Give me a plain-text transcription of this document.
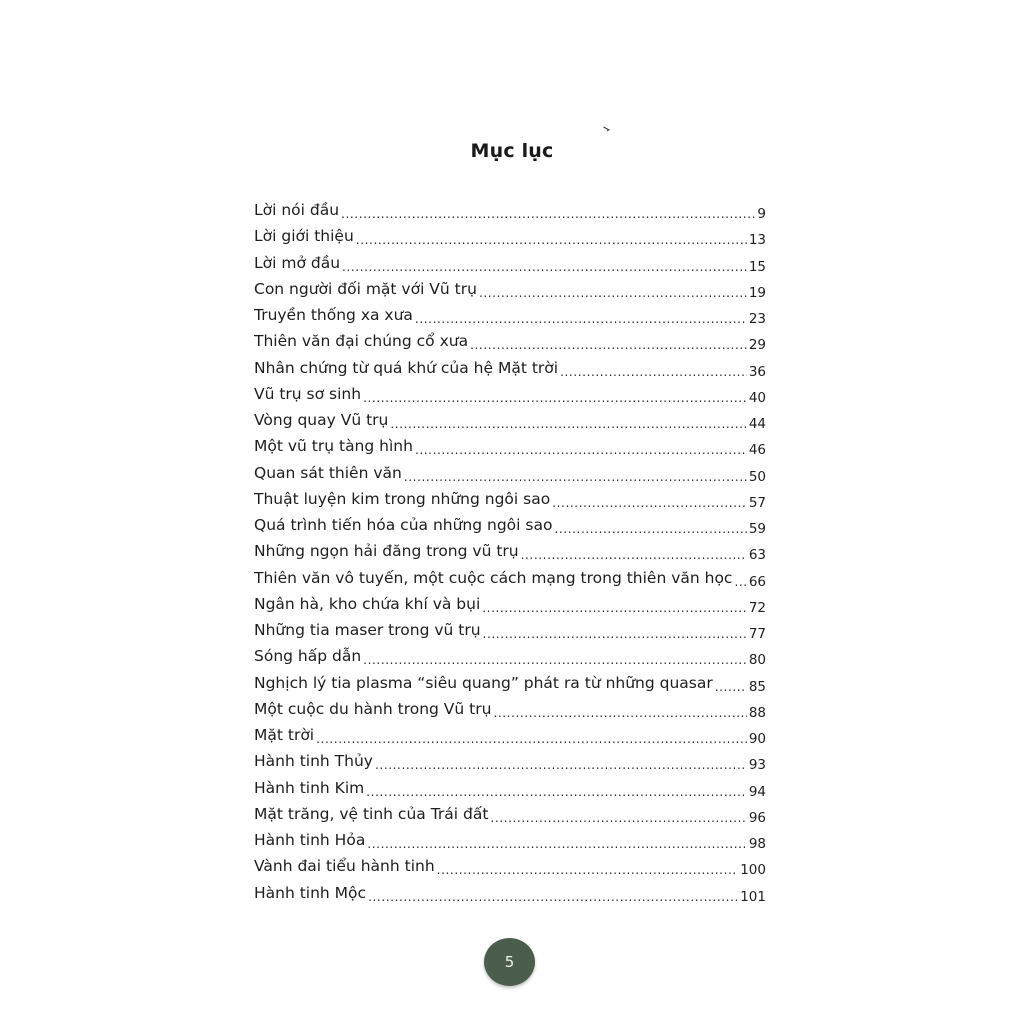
Mục lục
Lời nói đầu .....	9
Lời giới thiệu .....	13
Lời mở đầu .....	15
Con người đối mặt với Vũ trụ .....	19
Truyền thống xa xưa .....	23
Thiên văn đại chúng cổ xưa .....	29
Nhân chứng từ quá khứ của hệ Mặt trời .....	36
Vũ trụ sơ sinh .....	40
Vòng quay Vũ trụ .....	44
Một vũ trụ tàng hình .....	46
Quan sát thiên văn .....	50
Thuật luyện kim trong những ngôi sao .....	57
Quá trình tiến hóa của những ngôi sao .....	59
Những ngọn hải đăng trong vũ trụ .....	63
Thiên văn vô tuyến, một cuộc cách mạng trong thiên văn học ..... 66
Ngân hà, kho chứa khí và bụi .....	72
Những tia maser trong vũ trụ .....	77
Sóng hấp dẫn .....	80
Nghịch lý tia plasma “siêu quang” phát ra từ những quasar .....	85
Một cuộc du hành trong Vũ trụ .....	88
Mặt trời .....	90
Hành tinh Thủy .....	93
Hành tinh Kim .....	94
Mặt trăng, vệ tinh của Trái đất .....	96
Hành tinh Hỏa .....	98
Vành đai tiểu hành tinh .....	100
Hành tinh Mộc .....	101
5
